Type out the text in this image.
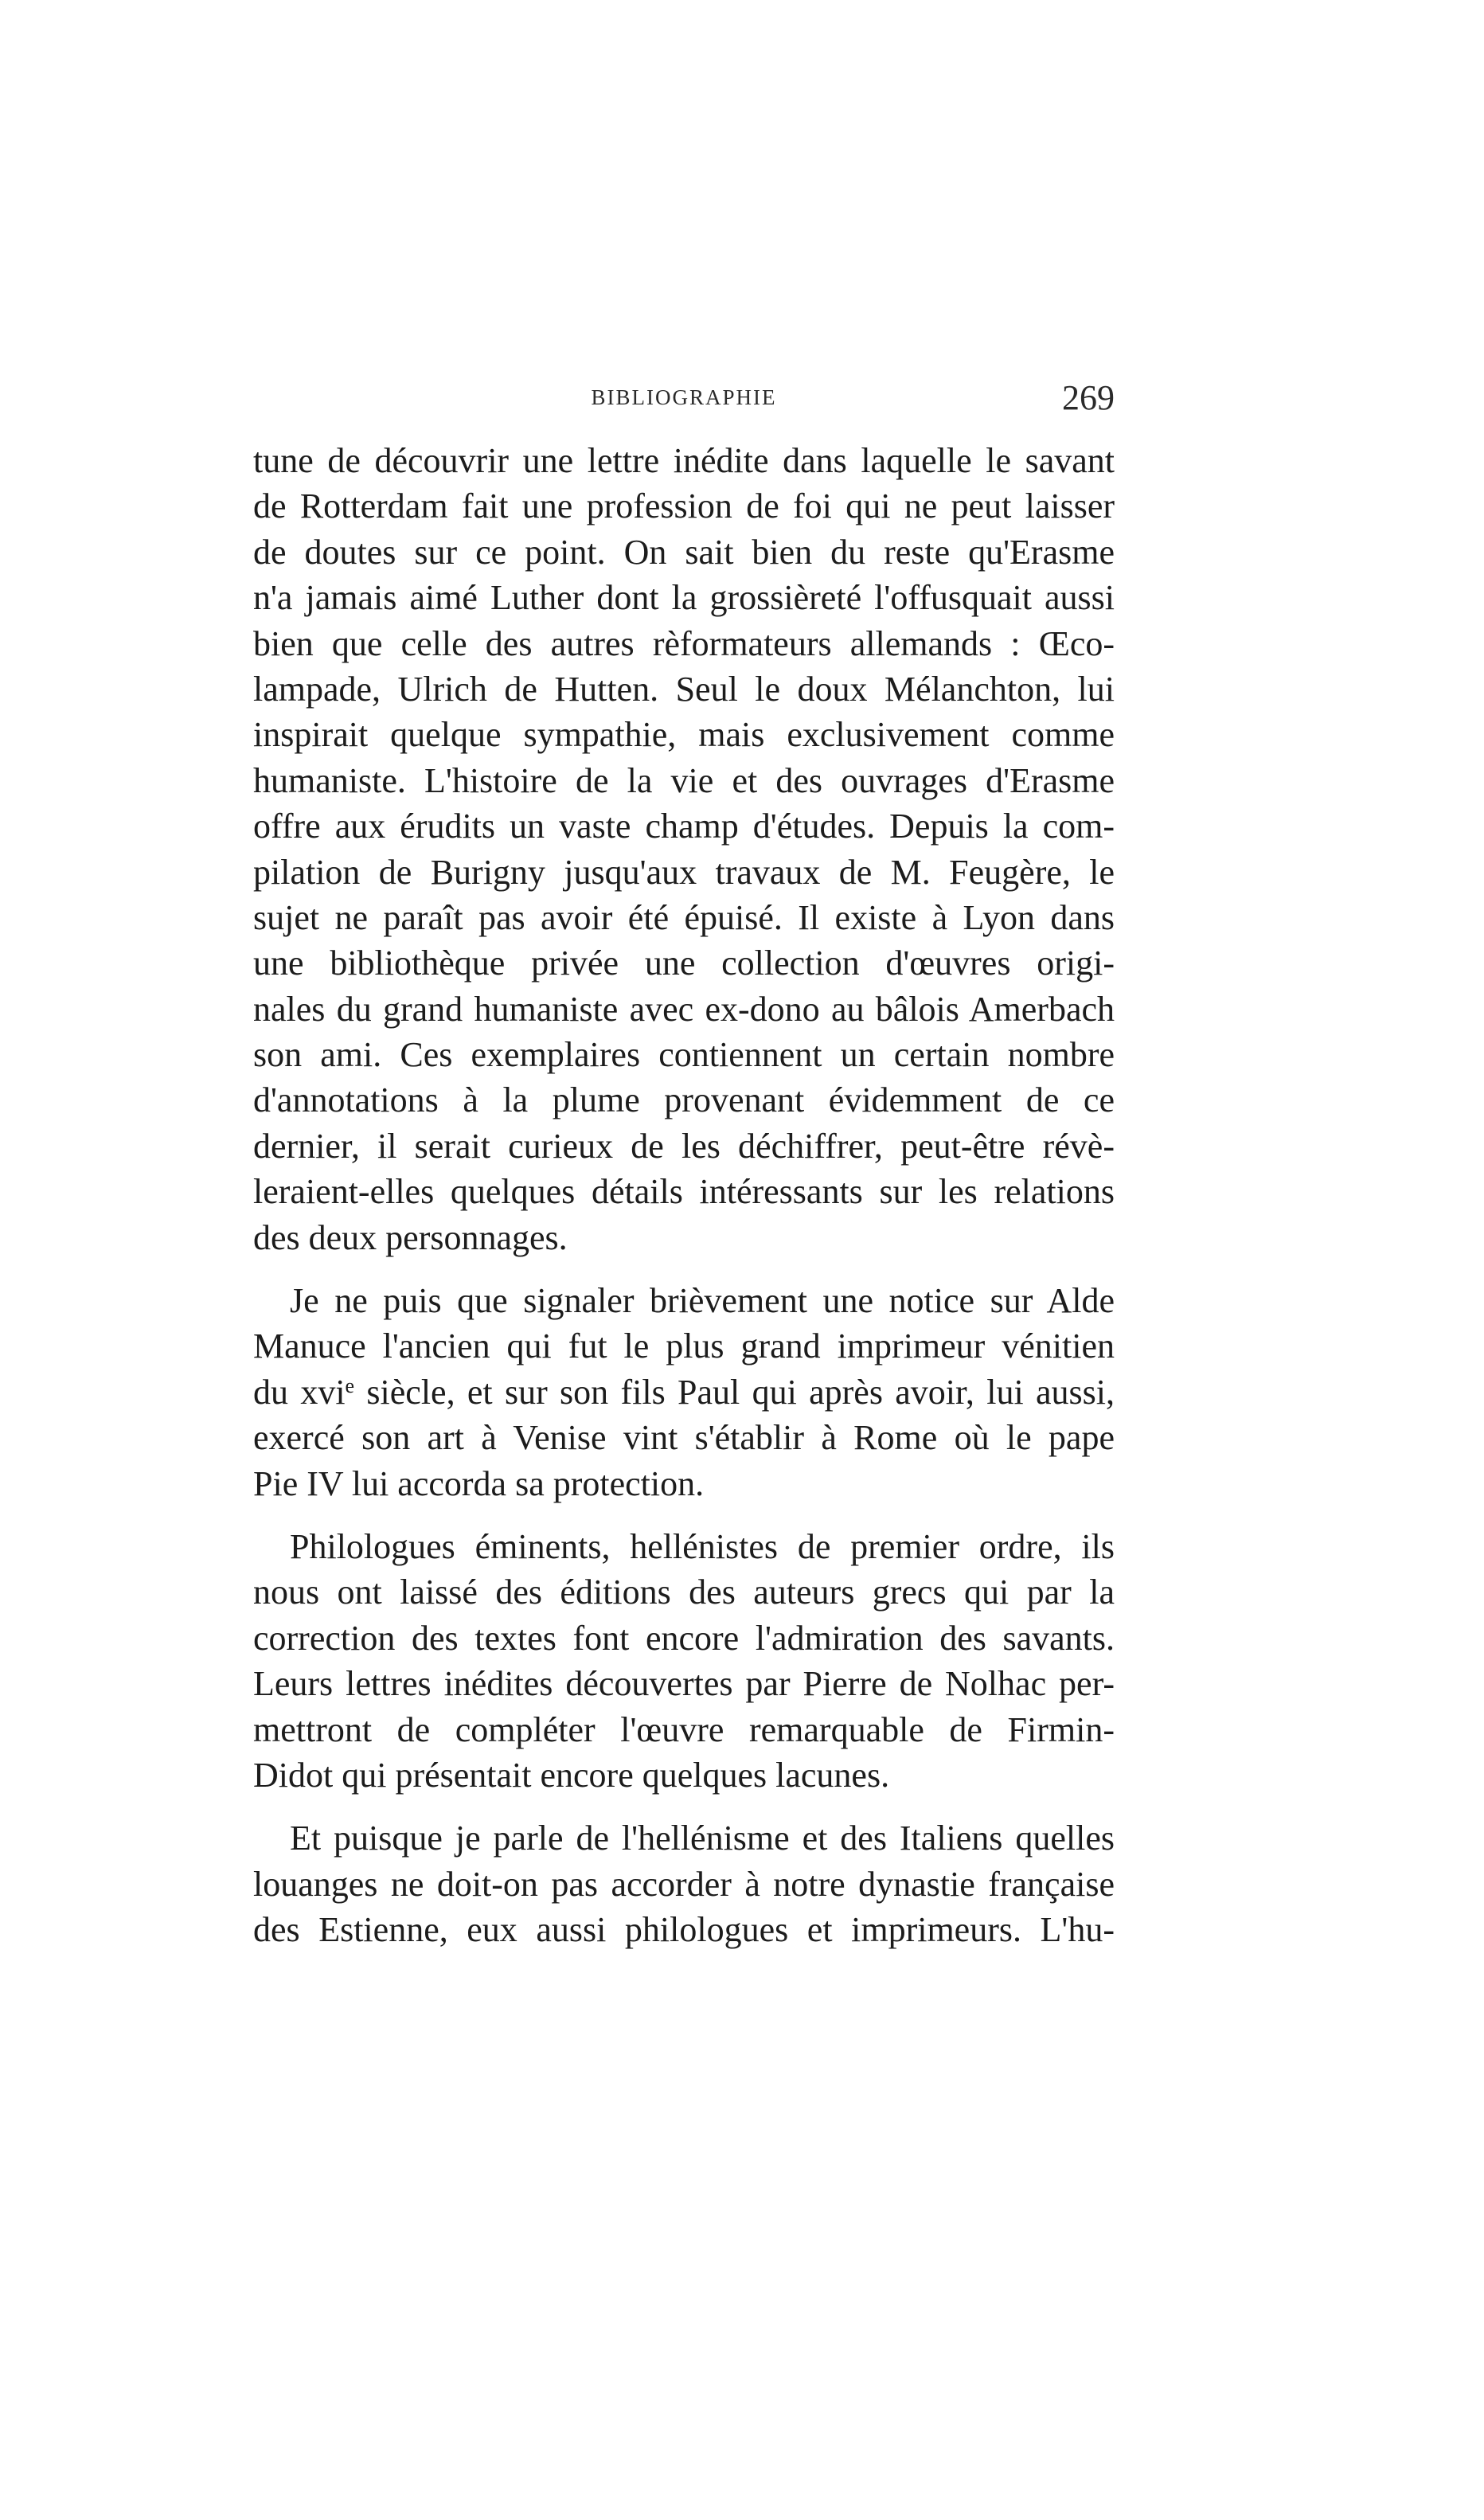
BIBLIOGRAPHIE	269
tune de découvrir une lettre inédite dans laquelle le savant
de Rotterdam fait une profession de foi qui ne peut laisser
de doutes sur ce point. On sait bien du reste qu'Erasme
n'a jamais aimé Luther dont la grossièreté l'offusquait aussi
bien que celle des autres rèformateurs allemands : Œco-
lampade, Ulrich de Hutten. Seul le doux Mélanchton, lui
inspirait quelque sympathie, mais exclusivement comme
humaniste. L'histoire de la vie et des ouvrages d'Erasme
offre aux érudits un vaste champ d'études. Depuis la com-
pilation de Burigny jusqu'aux travaux de M. Feugère, le
sujet ne paraît pas avoir été épuisé. Il existe à Lyon dans
une bibliothèque privée une collection d'œuvres origi-
nales du grand humaniste avec ex-dono au bâlois Amerbach
son ami. Ces exemplaires contiennent un certain nombre
d'annotations à la plume provenant évidemment de ce
dernier, il serait curieux de les déchiffrer, peut-être révè-
leraient-elles quelques détails intéressants sur les relations
des deux personnages.
Je ne puis que signaler brièvement une notice sur Alde
Manuce l'ancien qui fut le plus grand imprimeur vénitien
du xvi$^e$ siècle, et sur son fils Paul qui après avoir, lui aussi,
exercé son art à Venise vint s'établir à Rome où le pape
Pie IV lui accorda sa protection.
Philologues éminents, hellénistes de premier ordre, ils
nous ont laissé des éditions des auteurs grecs qui par la
correction des textes font encore l'admiration des savants.
Leurs lettres inédites découvertes par Pierre de Nolhac per-
mettront de compléter l'œuvre remarquable de Firmin-
Didot qui présentait encore quelques lacunes.
Et puisque je parle de l'hellénisme et des Italiens quelles
louanges ne doit-on pas accorder à notre dynastie française
des Estienne, eux aussi philologues et imprimeurs. L'hu-
